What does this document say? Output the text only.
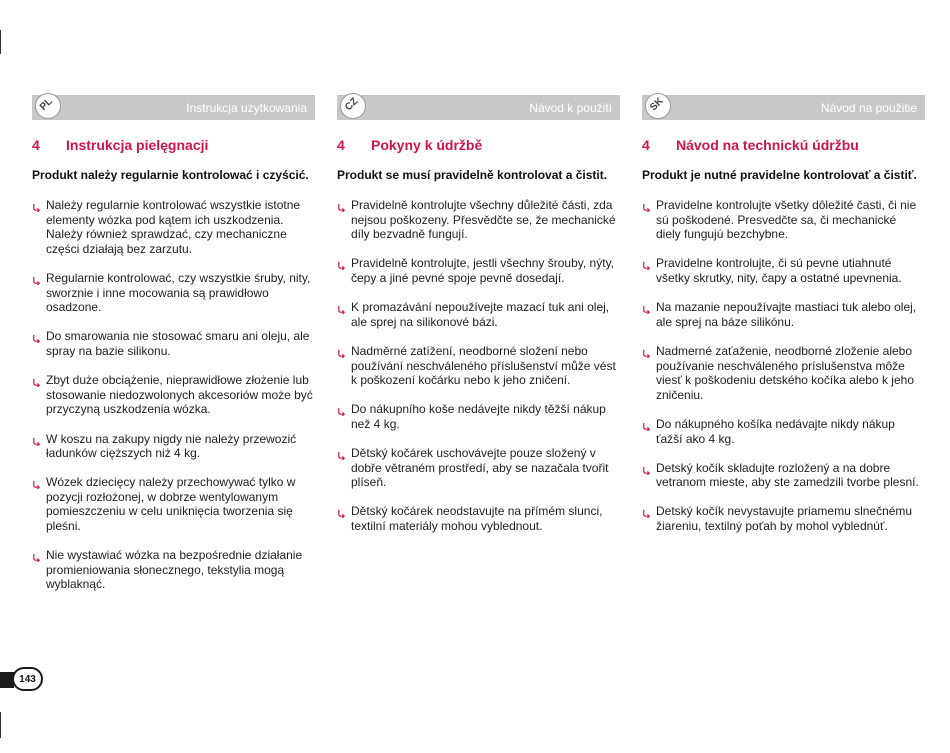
PL	Instrukcja użytkowania
4 Instrukcja pielęgnacji
Produkt należy regularnie kontrolować i czyścić.
Należy regularnie kontrolować wszystkie istotne
elementy wózka pod kątem ich uszkodzenia.
Należy również sprawdzać, czy mechaniczne
części działają bez zarzutu.
Regularnie kontrolować, czy wszystkie śruby, nity,
sworznie i inne mocowania są prawidłowo
osadzone.
Do smarowania nie stosować smaru ani oleju, ale
spray na bazie silikonu.
Zbyt duże obciążenie, nieprawidłowe złożenie lub
stosowanie niedozwolonych akcesoriów może być
przyczyną uszkodzenia wózka.
W koszu na zakupy nigdy nie należy przewozić
ładunków cięższych niż 4 kg.
Wózek dziecięcy należy przechowywać tylko w
pozycji rozłożonej, w dobrze wentylowanym
pomieszczeniu w celu uniknięcia tworzenia się
pleśni.
Nie wystawiać wózka na bezpośrednie działanie
promieniowania słonecznego, tekstylia mogą
wyblaknąć.
CZ	Návod k použití
4 Pokyny k údržbě
Produkt se musí pravidelně kontrolovat a čistit.
Pravidelně kontrolujte všechny důležité části, zda
nejsou poškozeny. Přesvědčte se, že mechanické
díly bezvadně fungují.
Pravidelně kontrolujte, jestli všechny šrouby, nýty,
čepy a jiné pevné spoje pevně dosedají.
K promazávání nepoužívejte mazací tuk ani olej,
ale sprej na silikonové bázi.
Nadměrné zatížení, neodborné složení nebo
používání neschváleného příslušenství může vést
k poškození kočárku nebo k jeho zničení.
Do nákupního koše nedávejte nikdy těžší nákup
než 4 kg.
Dětský kočárek uschovávejte pouze složený v
dobře větraném prostředí, aby se nazačala tvořit
plíseň.
Dětský kočárek neodstavujte na přímém slunci,
textilní materiály mohou vyblednout.
SK	Návod na použitie
4 Návod na technickú údržbu
Produkt je nutné pravidelne kontrolovať a čistiť.
Pravidelne kontrolujte všetky dôležité časti, či nie
sú poškodené. Presvedčte sa, či mechanické
diely fungujú bezchybne.
Pravidelne kontrolujte, či sú pevne utiahnuté
všetky skrutky, nity, čapy a ostatné upevnenia.
Na mazanie nepoužívajte mastiaci tuk alebo olej,
ale sprej na báze silikónu.
Nadmerné zaťaženie, neodborné zloženie alebo
používanie neschváleného príslušenstva môže
viesť k poškodeniu detského kočíka alebo k jeho
zničeniu.
Do nákupného košíka nedávajte nikdy nákup
ťažší ako 4 kg.
Detský kočík skladujte rozložený a na dobre
vetranom mieste, aby ste zamedzili tvorbe plesní.
Detský kočík nevystavujte priamemu slnečnému
žiareniu, textilný poťah by mohol vyblednúť.
143
